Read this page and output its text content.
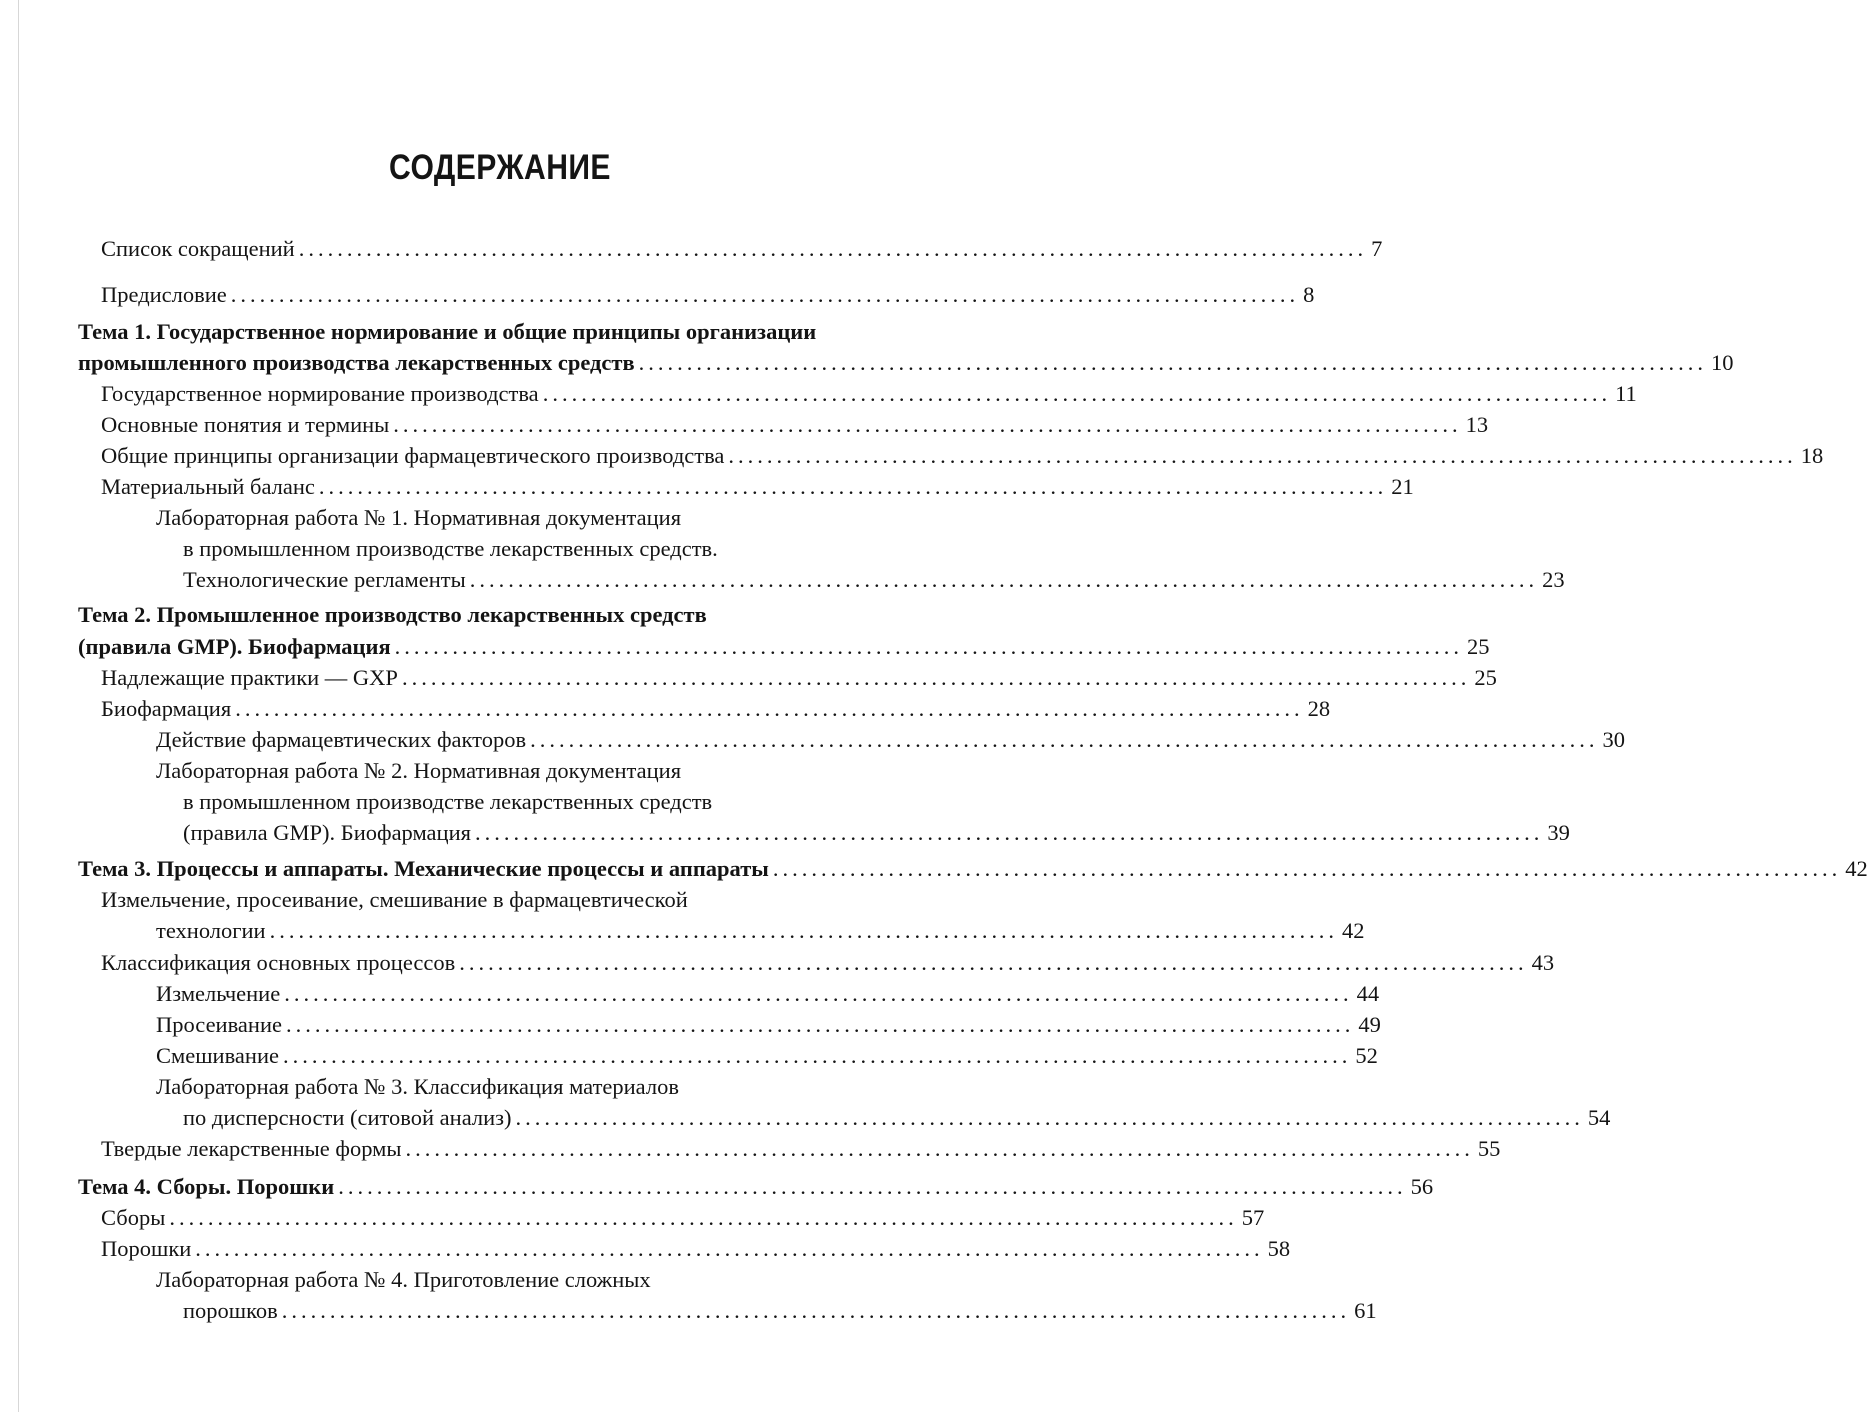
СОДЕРЖАНИЕ
Список сокращений ............................................................................................................... 7
Предисловие ............................................................................................................... 8
Тема 1. Государственное нормирование и общие принципы организации
промышленного производства лекарственных средств ............................................................................................................... 10
Государственное нормирование производства ............................................................................................................... 11
Основные понятия и термины ............................................................................................................... 13
Общие принципы организации фармацевтического производства ............................................................................................................... 18
Материальный баланс ............................................................................................................... 21
Лабораторная работа № 1. Нормативная документация
в промышленном производстве лекарственных средств.
Технологические регламенты ............................................................................................................... 23
Тема 2. Промышленное производство лекарственных средств
(правила GMP). Биофармация ............................................................................................................... 25
Надлежащие практики — GXP ............................................................................................................... 25
Биофармация ............................................................................................................... 28
Действие фармацевтических факторов ............................................................................................................... 30
Лабораторная работа № 2. Нормативная документация
в промышленном производстве лекарственных средств
(правила GMP). Биофармация ............................................................................................................... 39
Тема 3. Процессы и аппараты. Механические процессы и аппараты ............................................................................................................... 42
Измельчение, просеивание, смешивание в фармацевтической
технологии ............................................................................................................... 42
Классификация основных процессов ............................................................................................................... 43
Измельчение ............................................................................................................... 44
Просеивание ............................................................................................................... 49
Смешивание ............................................................................................................... 52
Лабораторная работа № 3. Классификация материалов
по дисперсности (ситовой анализ) ............................................................................................................... 54
Твердые лекарственные формы ............................................................................................................... 55
Тема 4. Сборы. Порошки ............................................................................................................... 56
Сборы ............................................................................................................... 57
Порошки ............................................................................................................... 58
Лабораторная работа № 4. Приготовление сложных
порошков ............................................................................................................... 61
